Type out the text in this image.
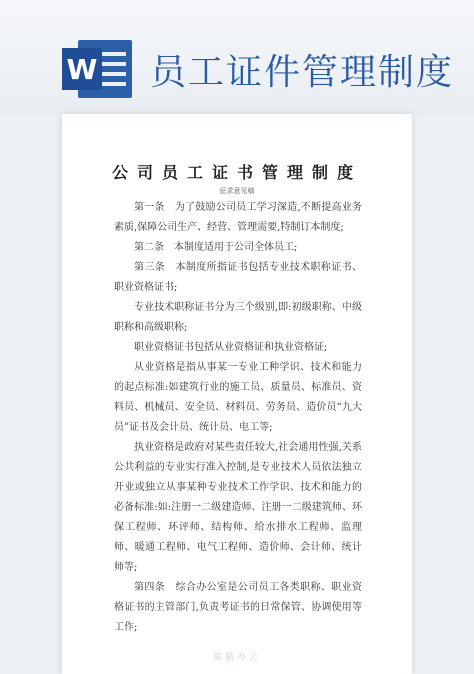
W 员工证件管理制度
公司员工证书管理制度
征求意见稿

第一条　为了鼓励公司员工学习深造,不断提高业务素质,保障公司生产、经营、管理需要,特制订本制度;

第二条　本制度适用于公司全体员工;

第三条　本制度所指证书包括专业技术职称证书、职业资格证书;

专业技术职称证书分为三个级别,即:初级职称、中级职称和高级职称;

职业资格证书包括从业资格证和执业资格证;

从业资格是指从事某一专业工种学识、技术和能力的起点标准:如建筑行业的施工员、质量员、标准员、资料员、机械员、安全员、材料员、劳务员、造价员“九大员”证书及会计员、统计员、电工等;

执业资格是政府对某些责任较大,社会通用性强,关系公共利益的专业实行准入控制,是专业技术人员依法独立开业或独立从事某种专业技术工作学识、技术和能力的必备标准:如:注册一二级建造师、注册一二级建筑师、环保工程师、环评师、结构师、给水排水工程师、监理师、暖通工程师、电气工程师、造价师、会计师、统计师等;

第四条　综合办公室是公司员工各类职称、职业资格证书的主管部门,负责考证书的日常保管、协调使用等工作;

熊猫办公
